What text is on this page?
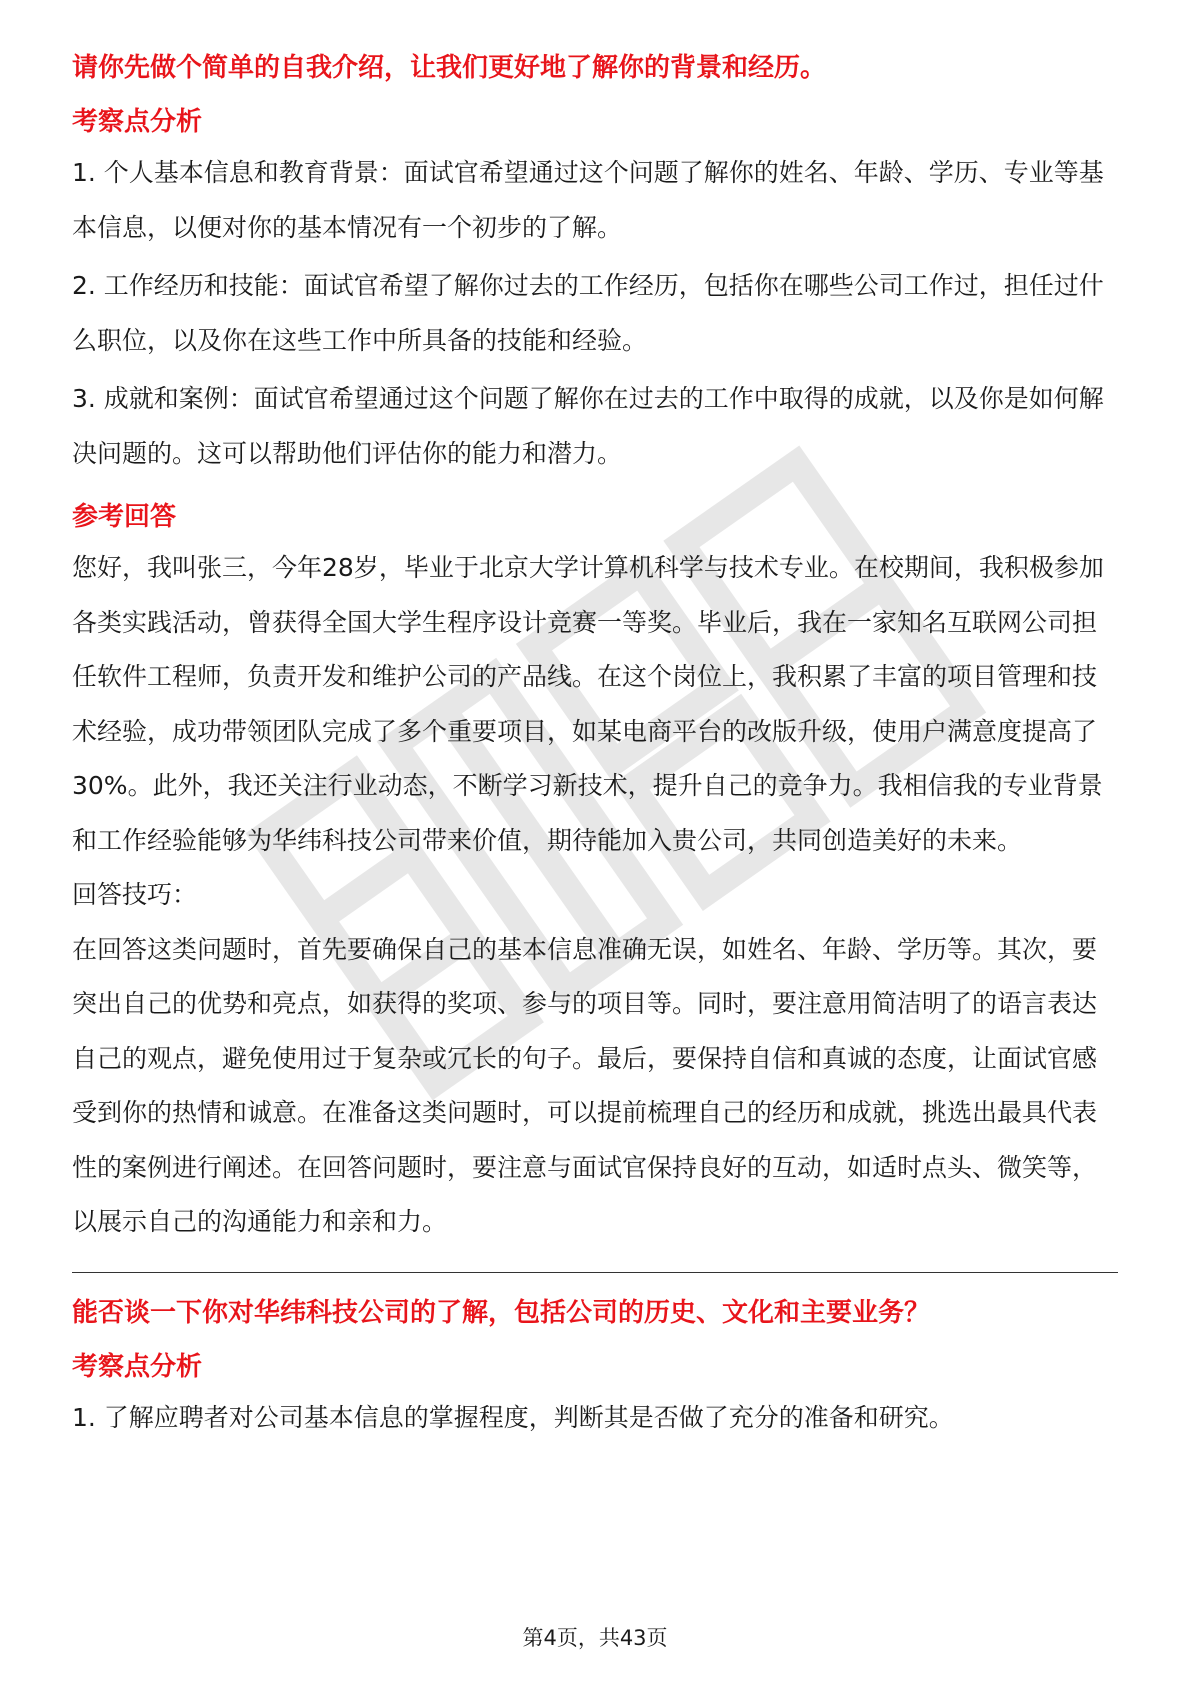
请你先做个简单的自我介绍，让我们更好地了解你的背景和经历。
考察点分析

1. 个人基本信息和教育背景：面试官希望通过这个问题了解你的姓名、年龄、学历、专业等基本信息，以便对你的基本情况有一个初步的了解。

2. 工作经历和技能：面试官希望了解你过去的工作经历，包括你在哪些公司工作过，担任过什么职位，以及你在这些工作中所具备的技能和经验。

3. 成就和案例：面试官希望通过这个问题了解你在过去的工作中取得的成就，以及你是如何解决问题的。这可以帮助他们评估你的能力和潜力。

参考回答

您好，我叫张三，今年28岁，毕业于北京大学计算机科学与技术专业。在校期间，我积极参加各类实践活动，曾获得全国大学生程序设计竞赛一等奖。毕业后，我在一家知名互联网公司担任软件工程师，负责开发和维护公司的产品线。在这个岗位上，我积累了丰富的项目管理和技术经验，成功带领团队完成了多个重要项目，如某电商平台的改版升级，使用户满意度提高了30%。此外，我还关注行业动态，不断学习新技术，提升自己的竞争力。我相信我的专业背景和工作经验能够为华纬科技公司带来价值，期待能加入贵公司，共同创造美好的未来。

回答技巧：

在回答这类问题时，首先要确保自己的基本信息准确无误，如姓名、年龄、学历等。其次，要突出自己的优势和亮点，如获得的奖项、参与的项目等。同时，要注意用简洁明了的语言表达自己的观点，避免使用过于复杂或冗长的句子。最后，要保持自信和真诚的态度，让面试官感受到你的热情和诚意。在准备这类问题时，可以提前梳理自己的经历和成就，挑选出最具代表性的案例进行阐述。在回答问题时，要注意与面试官保持良好的互动，如适时点头、微笑等，以展示自己的沟通能力和亲和力。

能否谈一下你对华纬科技公司的了解，包括公司的历史、文化和主要业务？
考察点分析

1. 了解应聘者对公司基本信息的掌握程度，判断其是否做了充分的准备和研究。

第4页，共43页
